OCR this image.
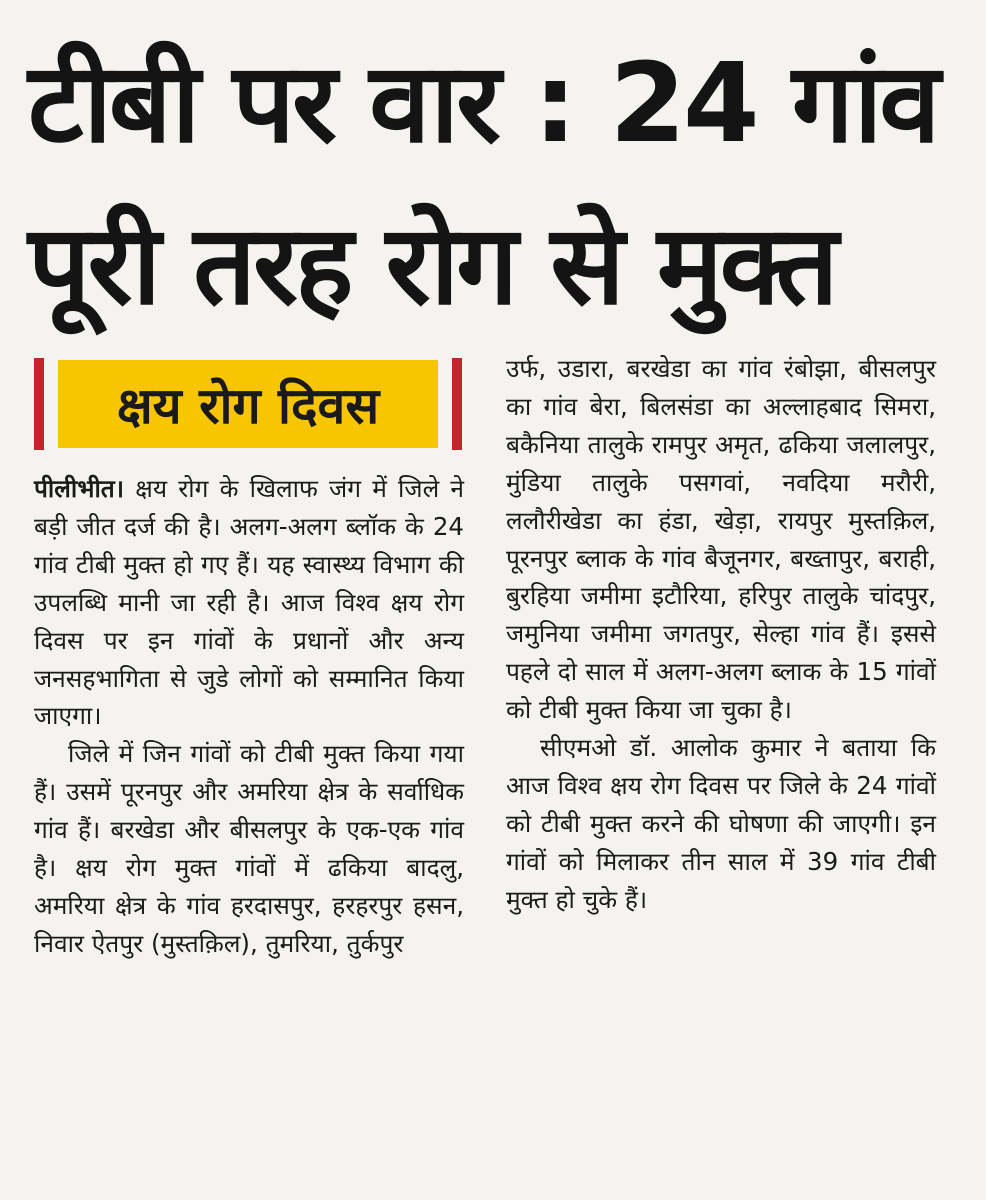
टीबी पर वार : 24 गांव
पूरी तरह रोग से मुक्त
क्षय रोग दिवस

पीलीभीत। क्षय रोग के खिलाफ जंग में जिले ने बड़ी जीत दर्ज की है। अलग-अलग ब्लॉक के 24 गांव टीबी मुक्त हो गए हैं। यह स्वास्थ्य विभाग की उपलब्धि मानी जा रही है। आज विश्व क्षय रोग दिवस पर इन गांवों के प्रधानों और अन्य जनसहभागिता से जुडे लोगों को सम्मानित किया जाएगा।

जिले में जिन गांवों को टीबी मुक्त किया गया हैं। उसमें पूरनपुर और अमरिया क्षेत्र के सर्वाधिक गांव हैं। बरखेडा और बीसलपुर के एक-एक गांव है। क्षय रोग मुक्त गांवों में ढकिया बादलु, अमरिया क्षेत्र के गांव हरदासपुर, हरहरपुर हसन, निवार ऐतपुर (मुस्तक़िल), तुमरिया, तुर्कपुर

उर्फ, उडारा, बरखेडा का गांव रंबोझा, बीसलपुर का गांव बेरा, बिलसंडा का अल्लाहबाद सिमरा, बकैनिया तालुके रामपुर अमृत, ढकिया जलालपुर, मुंडिया तालुके पसगवां, नवदिया मरौरी, ललौरीखेडा का हंडा, खेड़ा, रायपुर मुस्तक़िल, पूरनपुर ब्लाक के गांव बैजूनगर, बख्तापुर, बराही, बुरहिया जमीमा इटौरिया, हरिपुर तालुके चांदपुर, जमुनिया जमीमा जगतपुर, सेल्हा गांव हैं। इससे पहले दो साल में अलग-अलग ब्लाक के 15 गांवों को टीबी मुक्त किया जा चुका है।

सीएमओ डॉ. आलोक कुमार ने बताया कि आज विश्व क्षय रोग दिवस पर जिले के 24 गांवों को टीबी मुक्त करने की घोषणा की जाएगी। इन गांवों को मिलाकर तीन साल में 39 गांव टीबी मुक्त हो चुके हैं।
